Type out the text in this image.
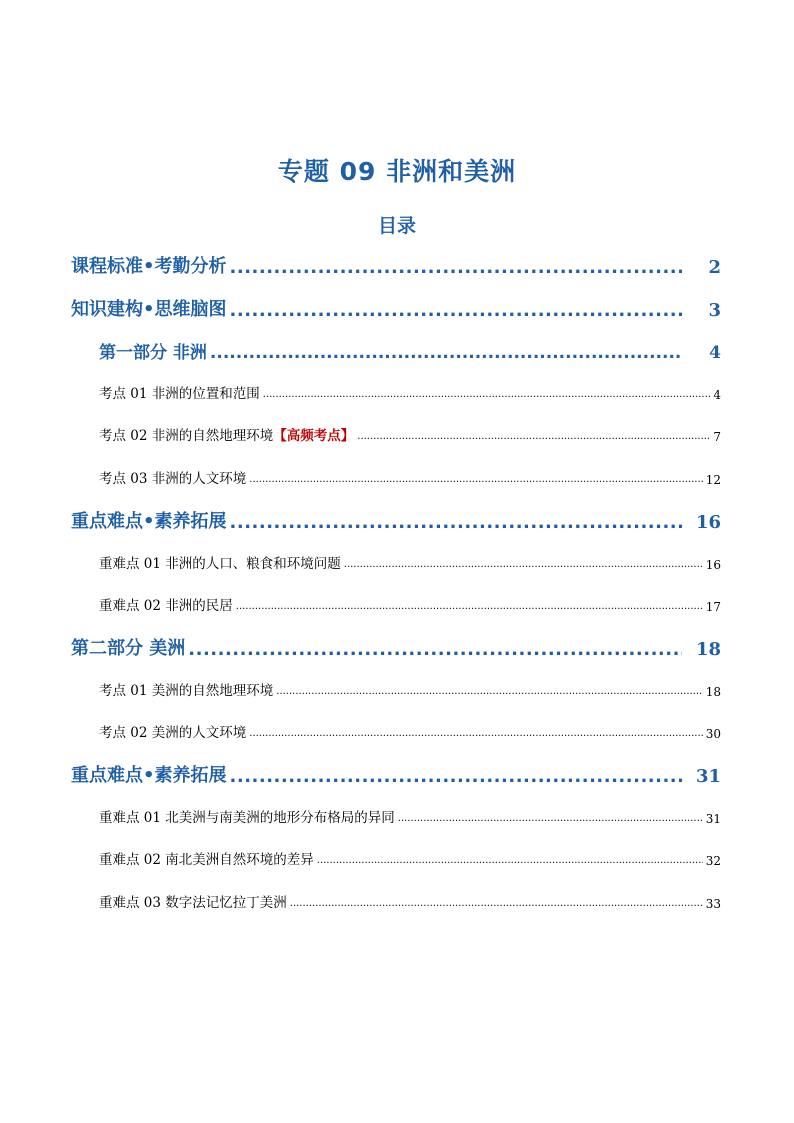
专题 09 非洲和美洲
目录
课程标准•考勤分析 .....	2
知识建构•思维脑图 .....	3
第一部分 非洲 .....	4
考点 01 非洲的位置和范围 .....	4
考点 02 非洲的自然地理环境 【高频考点】 .....	7
考点 03 非洲的人文环境 .....	12
重点难点•素养拓展 .....	16
重难点 01 非洲的人口、粮食和环境问题 .....	16
重难点 02 非洲的民居 .....	17
第二部分 美洲 .....	18
考点 01 美洲的自然地理环境 .....	18
考点 02 美洲的人文环境 .....	30
重点难点•素养拓展 .....	31
重难点 01 北美洲与南美洲的地形分布格局的异同 .....	31
重难点 02 南北美洲自然环境的差异 .....	32
重难点 03 数字法记忆拉丁美洲 .....	33
